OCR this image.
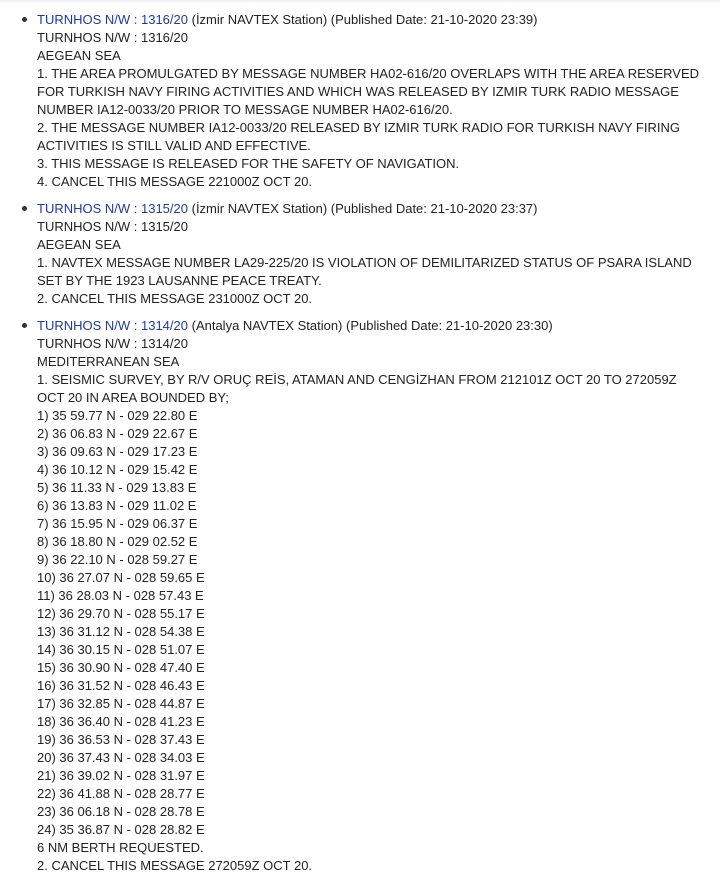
TURNHOS N/W : 1316/20 (İzmir NAVTEX Station) (Published Date: 21-10-2020 23:39)
TURNHOS N/W : 1316/20
AEGEAN SEA
1. THE AREA PROMULGATED BY MESSAGE NUMBER HA02-616/20 OVERLAPS WITH THE AREA RESERVED FOR TURKISH NAVY FIRING ACTIVITIES AND WHICH WAS RELEASED BY IZMIR TURK RADIO MESSAGE NUMBER IA12-0033/20 PRIOR TO MESSAGE NUMBER HA02-616/20.
2. THE MESSAGE NUMBER IA12-0033/20 RELEASED BY IZMIR TURK RADIO FOR TURKISH NAVY FIRING ACTIVITIES IS STILL VALID AND EFFECTIVE.
3. THIS MESSAGE IS RELEASED FOR THE SAFETY OF NAVIGATION.
4. CANCEL THIS MESSAGE 221000Z OCT 20.
TURNHOS N/W : 1315/20 (İzmir NAVTEX Station) (Published Date: 21-10-2020 23:37)
TURNHOS N/W : 1315/20
AEGEAN SEA
1. NAVTEX MESSAGE NUMBER LA29-225/20 IS VIOLATION OF DEMILITARIZED STATUS OF PSARA ISLAND SET BY THE 1923 LAUSANNE PEACE TREATY.
2. CANCEL THIS MESSAGE 231000Z OCT 20.
TURNHOS N/W : 1314/20 (Antalya NAVTEX Station) (Published Date: 21-10-2020 23:30)
TURNHOS N/W : 1314/20
MEDITERRANEAN SEA
1. SEISMIC SURVEY, BY R/V ORUÇ REİS, ATAMAN AND CENGİZHAN FROM 212101Z OCT 20 TO 272059Z OCT 20 IN AREA BOUNDED BY;
1) 35 59.77 N - 029 22.80 E
2) 36 06.83 N - 029 22.67 E
3) 36 09.63 N - 029 17.23 E
4) 36 10.12 N - 029 15.42 E
5) 36 11.33 N - 029 13.83 E
6) 36 13.83 N - 029 11.02 E
7) 36 15.95 N - 029 06.37 E
8) 36 18.80 N - 029 02.52 E
9) 36 22.10 N - 028 59.27 E
10) 36 27.07 N - 028 59.65 E
11) 36 28.03 N - 028 57.43 E
12) 36 29.70 N - 028 55.17 E
13) 36 31.12 N - 028 54.38 E
14) 36 30.15 N - 028 51.07 E
15) 36 30.90 N - 028 47.40 E
16) 36 31.52 N - 028 46.43 E
17) 36 32.85 N - 028 44.87 E
18) 36 36.40 N - 028 41.23 E
19) 36 36.53 N - 028 37.43 E
20) 36 37.43 N - 028 34.03 E
21) 36 39.02 N - 028 31.97 E
22) 36 41.88 N - 028 28.77 E
23) 36 06.18 N - 028 28.78 E
24) 35 36.87 N - 028 28.82 E
6 NM BERTH REQUESTED.
2. CANCEL THIS MESSAGE 272059Z OCT 20.
